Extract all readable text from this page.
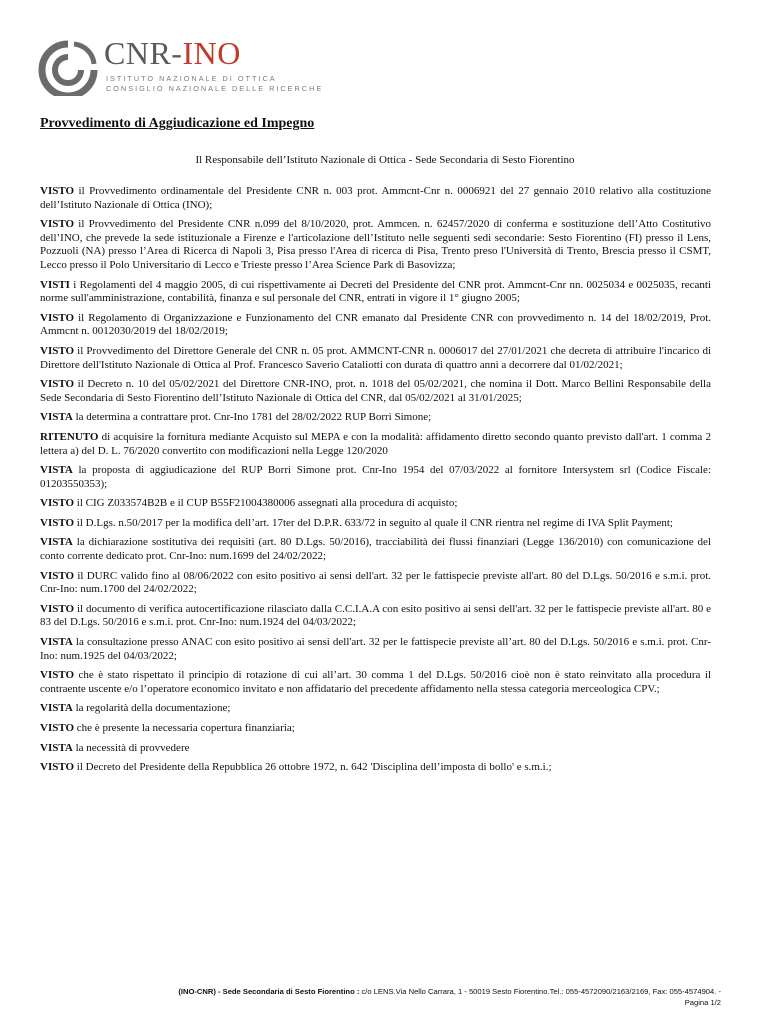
CNR-INO
ISTITUTO NAZIONALE DI OTTICA
CONSIGLIO NAZIONALE DELLE RICERCHE
Provvedimento di Aggiudicazione ed Impegno
Il Responsabile dell’Istituto Nazionale di Ottica - Sede Secondaria di Sesto Fiorentino

VISTO il Provvedimento ordinamentale del Presidente CNR n. 003 prot. Ammcnt-Cnr n. 0006921 del 27 gennaio 2010 relativo alla costituzione dell’Istituto Nazionale di Ottica (INO);

VISTO il Provvedimento del Presidente CNR n.099 del 8/10/2020, prot. Ammcen. n. 62457/2020 di conferma e sostituzione dell’Atto Costitutivo dell’INO, che prevede la sede istituzionale a Firenze e l'articolazione dell’Istituto nelle seguenti sedi secondarie: Sesto Fiorentino (FI) presso il Lens, Pozzuoli (NA) presso l’Area di Ricerca di Napoli 3, Pisa presso l'Area di ricerca di Pisa, Trento preso l'Università di Trento, Brescia presso il CSMT, Lecco presso il Polo Universitario di Lecco e Trieste presso l’Area Science Park di Basovizza;

VISTI i Regolamenti del 4 maggio 2005, di cui rispettivamente ai Decreti del Presidente del CNR prot. Ammcnt-Cnr nn. 0025034 e 0025035, recanti norme sull'amministrazione, contabilità, finanza e sul personale del CNR, entrati in vigore il 1° giugno 2005;

VISTO il Regolamento di Organizzazione e Funzionamento del CNR emanato dal Presidente CNR con provvedimento n. 14 del 18/02/2019, Prot. Ammcnt n. 0012030/2019 del 18/02/2019;

VISTO il Provvedimento del Direttore Generale del CNR n. 05 prot. AMMCNT-CNR n. 0006017 del 27/01/2021 che decreta di attribuire l'incarico di Direttore dell'Istituto Nazionale di Ottica al Prof. Francesco Saverio Cataliotti con durata di quattro anni a decorrere dal 01/02/2021;

VISTO il Decreto n. 10 del 05/02/2021 del Direttore CNR-INO, prot. n. 1018 del 05/02/2021, che nomina il Dott. Marco Bellini Responsabile della Sede Secondaria di Sesto Fiorentino dell’Istituto Nazionale di Ottica del CNR, dal 05/02/2021 al 31/01/2025;

VISTA la determina a contrattare prot. Cnr-Ino 1781 del 28/02/2022 RUP Borri Simone;

RITENUTO di acquisire la fornitura mediante Acquisto sul MEPA e con la modalità: affidamento diretto secondo quanto previsto dall'art. 1 comma 2 lettera a) del D. L. 76/2020 convertito con modificazioni nella Legge 120/2020

VISTA la proposta di aggiudicazione del RUP Borri Simone prot. Cnr-Ino 1954 del 07/03/2022 al fornitore Intersystem srl (Codice Fiscale: 01203550353);

VISTO il CIG Z033574B2B e il CUP B55F21004380006 assegnati alla procedura di acquisto;

VISTO il D.Lgs. n.50/2017 per la modifica dell’art. 17ter del D.P.R. 633/72 in seguito al quale il CNR rientra nel regime di IVA Split Payment;

VISTA la dichiarazione sostitutiva dei requisiti (art. 80 D.Lgs. 50/2016), tracciabilità dei flussi finanziari (Legge 136/2010) con comunicazione del conto corrente dedicato prot. Cnr-Ino: num.1699 del 24/02/2022;

VISTO il DURC valido fino al 08/06/2022 con esito positivo ai sensi dell'art. 32 per le fattispecie previste all'art. 80 del D.Lgs. 50/2016 e s.m.i. prot. Cnr-Ino: num.1700 del 24/02/2022;

VISTO il documento di verifica autocertificazione rilasciato dalla C.C.I.A.A con esito positivo ai sensi dell'art. 32 per le fattispecie previste all'art. 80 e 83 del D.Lgs. 50/2016 e s.m.i. prot. Cnr-Ino: num.1924 del 04/03/2022;

VISTA la consultazione presso ANAC con esito positivo ai sensi dell'art. 32 per le fattispecie previste all’art. 80 del D.Lgs. 50/2016 e s.m.i. prot. Cnr-Ino: num.1925 del 04/03/2022;

VISTO che è stato rispettato il principio di rotazione di cui all’art. 30 comma 1 del D.Lgs. 50/2016 cioè non è stato reinvitato alla procedura il contraente uscente e/o l’operatore economico invitato e non affidatario del precedente affidamento nella stessa categoria merceologica CPV.;

VISTA la regolarità della documentazione;

VISTO che è presente la necessaria copertura finanziaria;

VISTA la necessità di provvedere

VISTO il Decreto del Presidente della Repubblica 26 ottobre 1972, n. 642 'Disciplina dell’imposta di bollo' e s.m.i.;

(INO-CNR) - Sede Secondaria di Sesto Fiorentino : c/o LENS.Via Nello Carrara, 1 - 50019 Sesto Fiorentino.Tel.: 055-4572090/2163/2169, Fax: 055-4574904. -
Pagina 1/2
